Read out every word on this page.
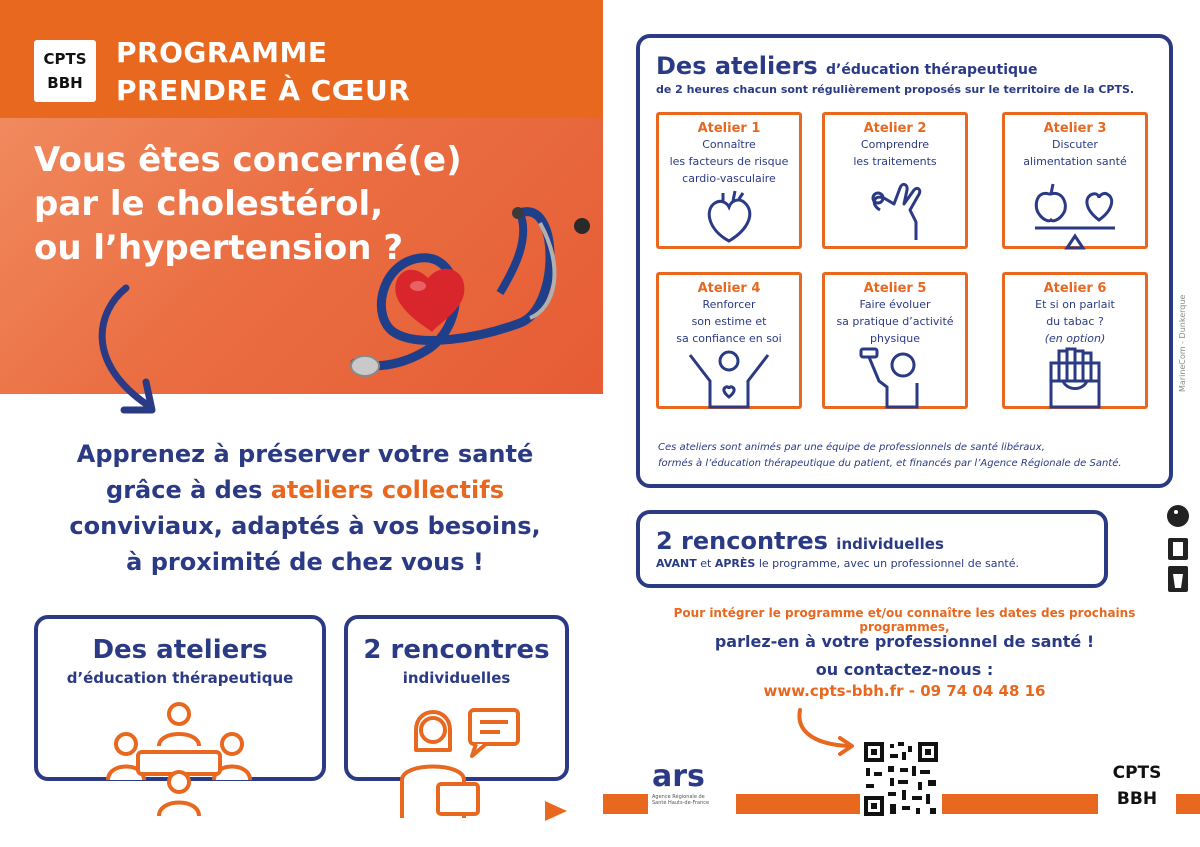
CPTS
BBH
PROGRAMME
PRENDRE À CŒUR
Vous êtes concerné(e)
par le cholestérol,
ou l’hypertension ?
Apprenez à préserver votre santé
grâce à des ateliers collectifs
conviviaux, adaptés à vos besoins,
à proximité de chez vous !
Des ateliers
d’éducation thérapeutique
2 rencontres
individuelles
Des ateliers d’éducation thérapeutique
de 2 heures chacun sont régulièrement proposés sur le territoire de la CPTS.
Atelier 1
Connaître
les facteurs de risque
cardio-vasculaire
Atelier 2
Comprendre
les traitements
Atelier 3
Discuter
alimentation santé
Atelier 4
Renforcer
son estime et
sa confiance en soi
Atelier 5
Faire évoluer
sa pratique d’activité
physique
Atelier 6
Et si on parlait
du tabac ?
(en option)
Ces ateliers sont animés par une équipe de professionnels de santé libéraux,
formés à l’éducation thérapeutique du patient, et financés par l’Agence Régionale de Santé.
2 rencontres individuelles
AVANT et APRÈS le programme, avec un professionnel de santé.
Pour intégrer le programme et/ou connaître les dates des prochains programmes,
parlez-en à votre professionnel de santé !
ou contactez-nous :
www.cpts-bbh.fr - 09 74 04 48 16
ars
Agence Régionale de Santé Hauts-de-France
CPTS
BBH
MarineCom - Dunkerque
